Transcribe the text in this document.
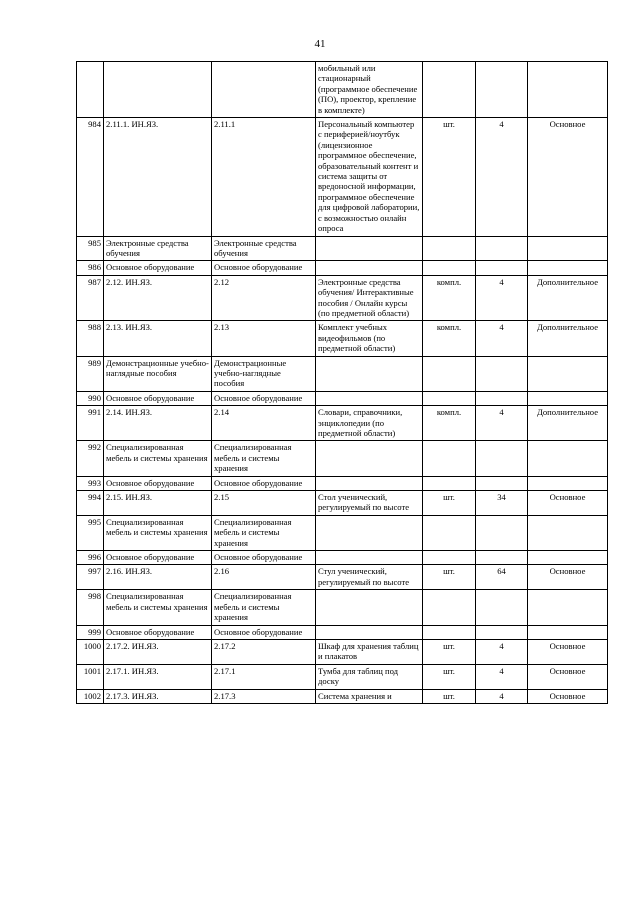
41
			мобильный или стационарный (программное обеспечение (ПО), проектор, крепление в комплекте)			
984	2.11.1. ИН.ЯЗ.	2.11.1	Персональный компьютер с периферией/ноутбук (лицензионное программное обеспечение, образовательный контент и система защиты от вредоносной информации, программное обеспечение для цифровой лаборатории, с возможностью онлайн опроса	шт.	4	Основное
985	Электронные средства обучения	Электронные средства обучения				
986	Основное оборудование	Основное оборудование				
987	2.12. ИН.ЯЗ.	2.12	Электронные средства обучения/ Интерактивные пособия / Онлайн курсы (по предметной области)	компл.	4	Дополнительное
988	2.13. ИН.ЯЗ.	2.13	Комплект учебных видеофильмов (по предметной области)	компл.	4	Дополнительное
989	Демонстрационные учебно-наглядные пособия	Демонстрационные учебно-наглядные пособия				
990	Основное оборудование	Основное оборудование				
991	2.14. ИН.ЯЗ.	2.14	Словари, справочники, энциклопедии (по предметной области)	компл.	4	Дополнительное
992	Специализированная мебель и системы хранения	Специализированная мебель и системы хранения				
993	Основное оборудование	Основное оборудование				
994	2.15. ИН.ЯЗ.	2.15	Стол ученический, регулируемый по высоте	шт.	34	Основное
995	Специализированная мебель и системы хранения	Специализированная мебель и системы хранения				
996	Основное оборудование	Основное оборудование				
997	2.16. ИН.ЯЗ.	2.16	Стул ученический, регулируемый по высоте	шт.	64	Основное
998	Специализированная мебель и системы хранения	Специализированная мебель и системы хранения				
999	Основное оборудование	Основное оборудование				
1000	2.17.2. ИН.ЯЗ.	2.17.2	Шкаф для хранения таблиц и плакатов	шт.	4	Основное
1001	2.17.1. ИН.ЯЗ.	2.17.1	Тумба для таблиц под доску	шт.	4	Основное
1002	2.17.3. ИН.ЯЗ.	2.17.3	Система хранения и	шт.	4	Основное
